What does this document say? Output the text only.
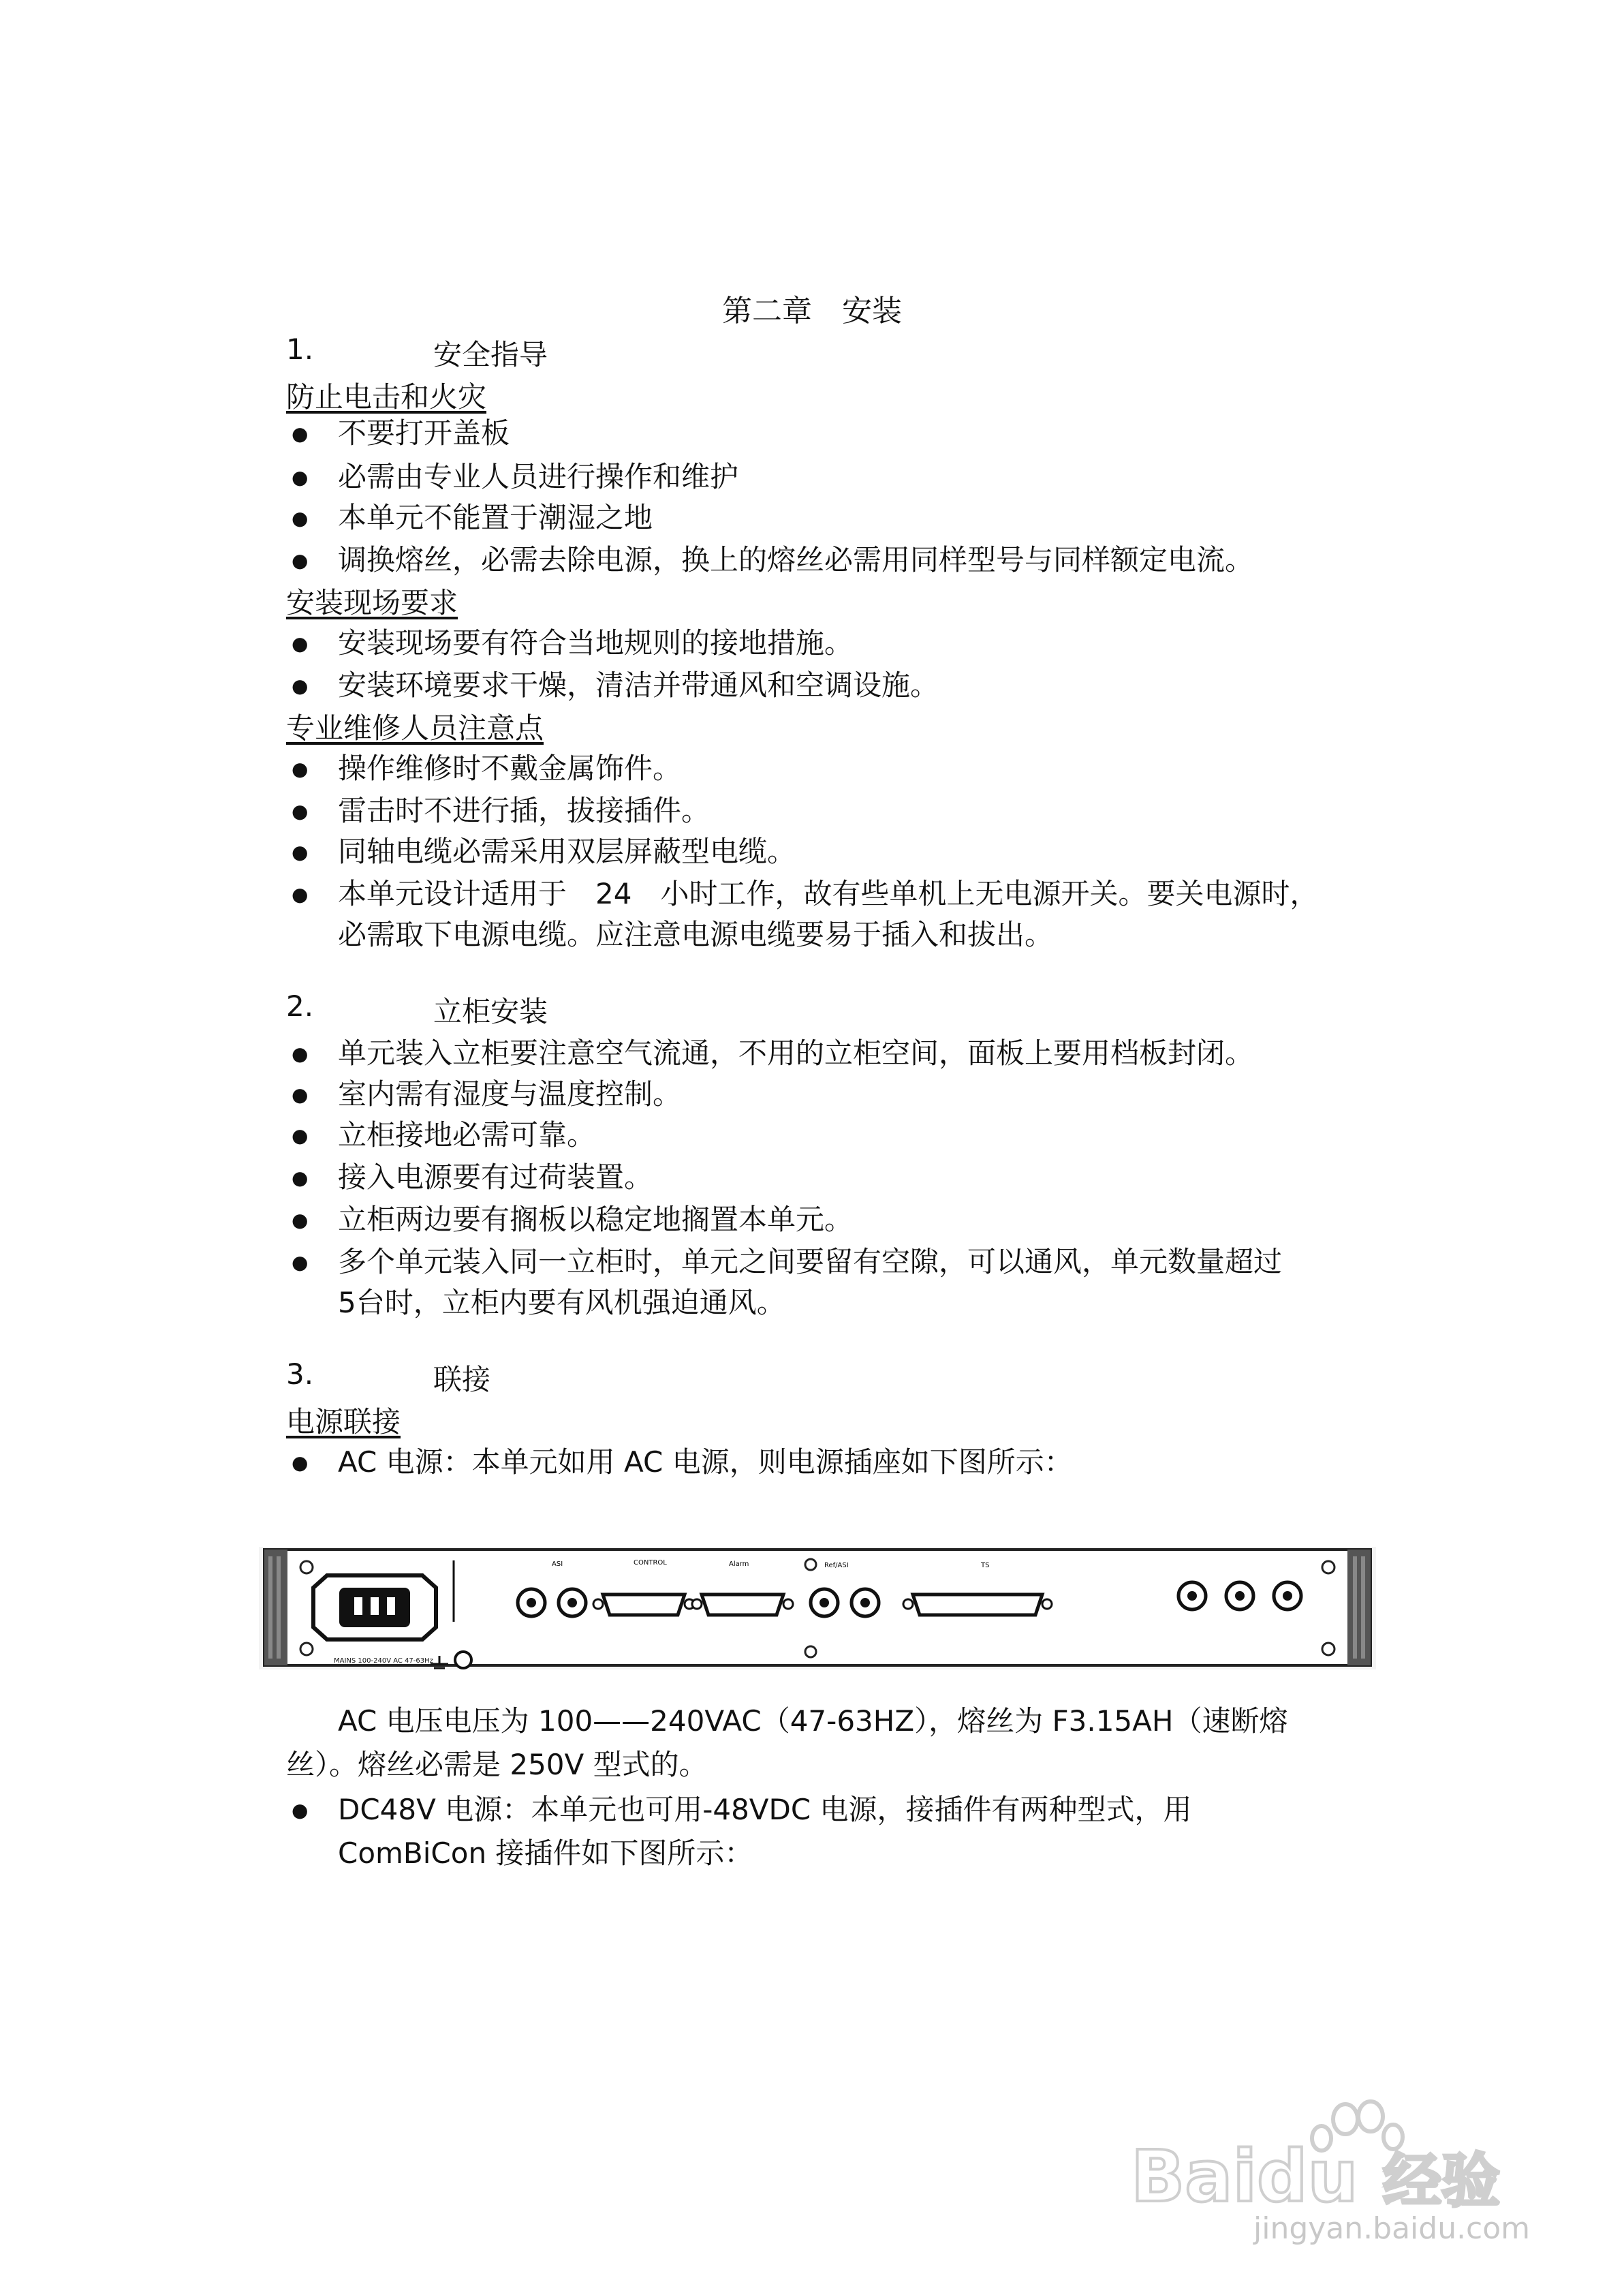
第二章　安装
1.	安全指导
防止电击和火灾
● 不要打开盖板
● 必需由专业人员进行操作和维护
● 本单元不能置于潮湿之地
● 调换熔丝，必需去除电源，换上的熔丝必需用同样型号与同样额定电流。
安装现场要求
● 安装现场要有符合当地规则的接地措施。
● 安装环境要求干燥，清洁并带通风和空调设施。
专业维修人员注意点
● 操作维修时不戴金属饰件。
● 雷击时不进行插，拔接插件。
● 同轴电缆必需采用双层屏蔽型电缆。
● 本单元设计适用于　24　小时工作，故有些单机上无电源开关。要关电源时，
必需取下电源电缆。应注意电源电缆要易于插入和拔出。
2.	立柜安装
● 单元装入立柜要注意空气流通，不用的立柜空间，面板上要用档板封闭。
● 室内需有湿度与温度控制。
● 立柜接地必需可靠。
● 接入电源要有过荷装置。
● 立柜两边要有搁板以稳定地搁置本单元。
● 多个单元装入同一立柜时，单元之间要留有空隙，可以通风，单元数量超过
5台时，立柜内要有风机强迫通风。
3.	联接
电源联接
● AC 电源：本单元如用 AC 电源，则电源插座如下图所示：
MAINS 100-240V AC 47-63Hz
ASI	CONTROL	Alarm	Ref/ASI	TS
AC 电压电压为 100——240VAC（47-63HZ），熔丝为 F3.15AH（速断熔
丝）。熔丝必需是 250V 型式的。
● DC48V 电源：本单元也可用-48VDC 电源，接插件有两种型式，用
ComBiCon 接插件如下图所示：
Baidu 经验
jingyan.baidu.com
